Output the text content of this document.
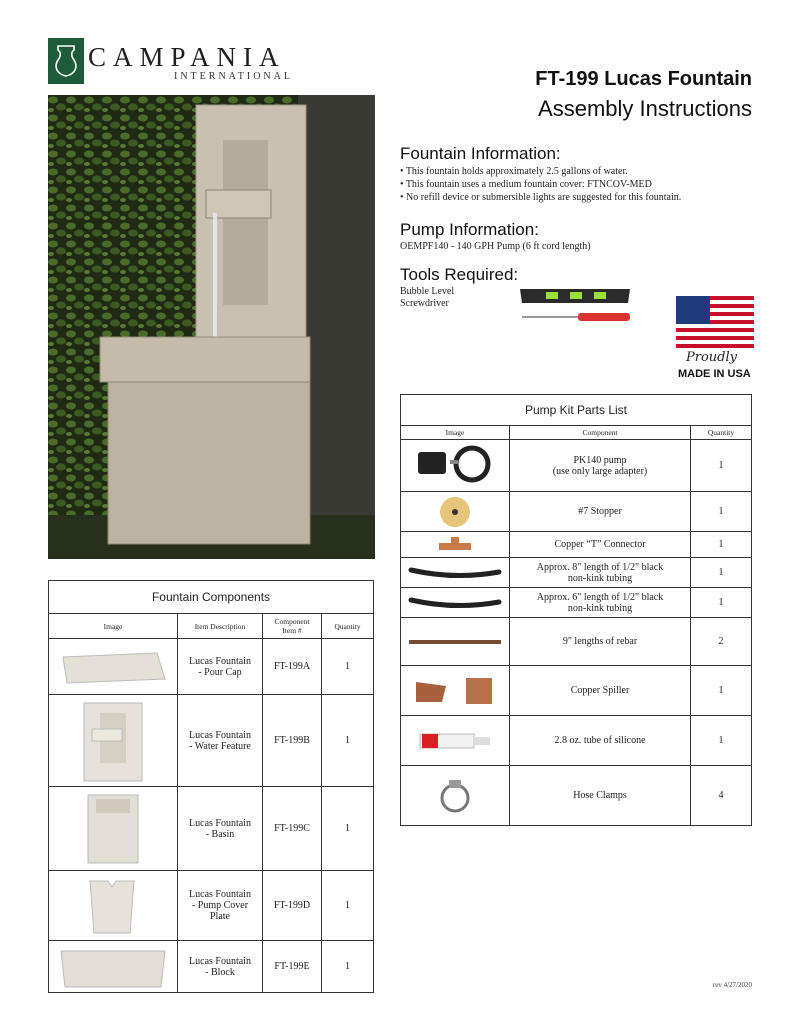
CAMPANIA
INTERNATIONAL	FT-199 Lucas Fountain
Assembly Instructions
Fountain Information:
• This fountain holds approximately 2.5 gallons of water.
• This fountain uses a medium fountain cover: FTNCOV-MED
• No refill device or submersible lights are suggested for this fountain.
Pump Information:
OEMPF140 - 140 GPH Pump (6 ft cord length)
Tools Required:
Bubble Level
Screwdriver
Proudly
MADE IN USA
Pump Kit Parts List		
Image	Component	Quantity

	PK140 pump
(use only large adapter)	1

	#7 Stopper	1

	Copper “T” Connector	1

	Approx. 8" length of 1/2" black
non-kink tubing	1

	Approx. 6" length of 1/2" black
non-kink tubing	1

	9" lengths of rebar	2

	Copper Spiller	1

	2.8 oz. tube of silicone	1

	Hose Clamps	4
Fountain Components			
Image	Item Description	Component
Item #	Quantity

	Lucas Fountain
- Pour Cap	FT-199A	1

	Lucas Fountain
- Water Feature	FT-199B	1

	Lucas Fountain
- Basin	FT-199C	1

	Lucas Fountain
- Pump Cover
Plate	FT-199D	1

	Lucas Fountain
- Block	FT-199E	1
rev 4/27/2020
